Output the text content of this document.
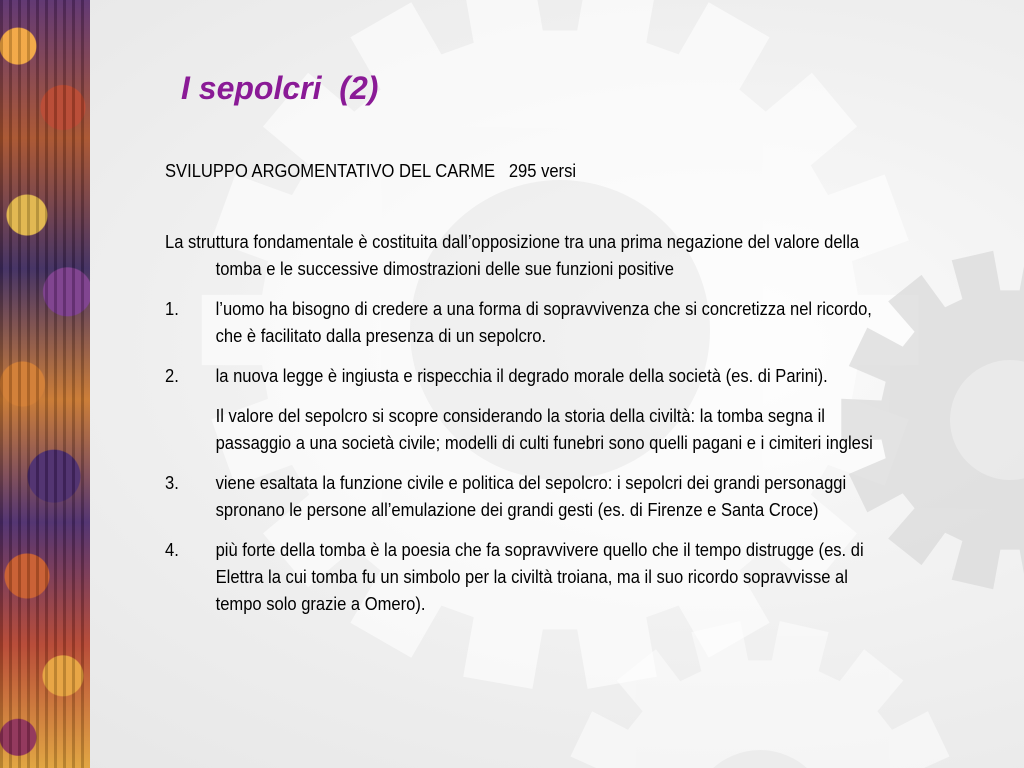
I sepolcri  (2)
SVILUPPO ARGOMENTATIVO DEL CARME   295 versi

La struttura fondamentale è costituita dall’opposizione tra una prima negazione del valore della tomba e le successive dimostrazioni delle sue funzioni positive

1. l’uomo ha bisogno di credere a una forma di sopravvivenza che si concretizza nel ricordo, che è facilitato dalla presenza di un sepolcro.
2. la nuova legge è ingiusta e rispecchia il degrado morale della società (es. di Parini).
Il valore del sepolcro si scopre considerando la storia della civiltà: la tomba segna il passaggio a una società civile; modelli di culti funebri sono quelli pagani e i cimiteri inglesi
3. viene esaltata la funzione civile e politica del sepolcro: i sepolcri dei grandi personaggi spronano le persone all’emulazione dei grandi gesti (es. di Firenze e Santa Croce)
4. più forte della tomba è la poesia che fa sopravvivere quello che il tempo distrugge (es. di Elettra la cui tomba fu un simbolo per la civiltà troiana, ma il suo ricordo sopravvisse al tempo solo grazie a Omero).
